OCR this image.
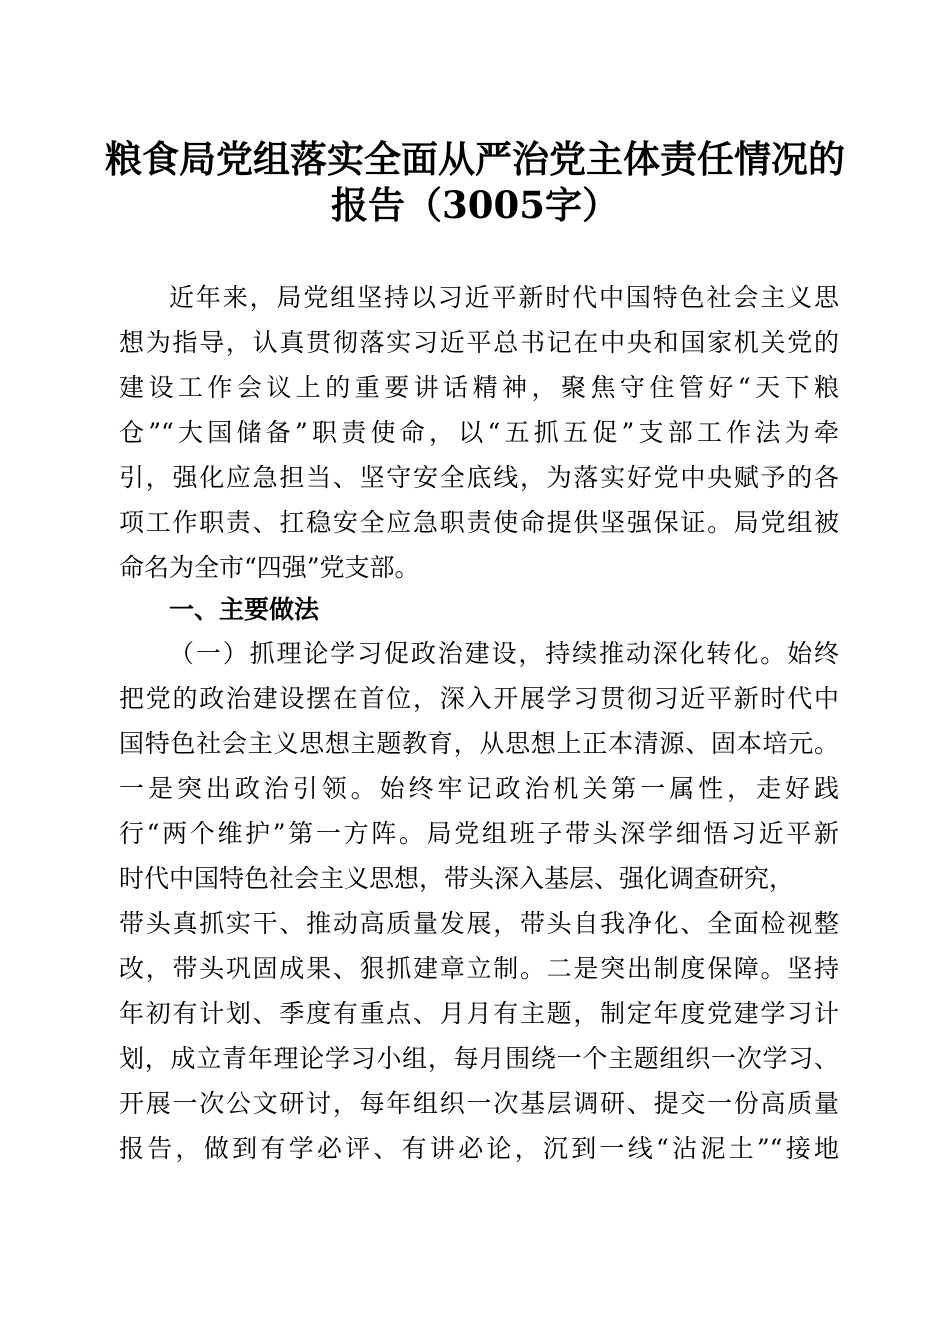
粮食局党组落实全面从严治党主体责任情况的
报告（3005字）
近年来，局党组坚持以习近平新时代中国特色社会主义思
想为指导，认真贯彻落实习近平总书记在中央和国家机关党的
建设工作会议上的重要讲话精神，聚焦守住管好“天下粮
仓”“大国储备”职责使命，以“五抓五促”支部工作法为牵
引，强化应急担当、坚守安全底线，为落实好党中央赋予的各
项工作职责、扛稳安全应急职责使命提供坚强保证。局党组被
命名为全市“四强”党支部。
一、主要做法
（一）抓理论学习促政治建设，持续推动深化转化。始终
把党的政治建设摆在首位，深入开展学习贯彻习近平新时代中
国特色社会主义思想主题教育，从思想上正本清源、固本培元。
一是突出政治引领。始终牢记政治机关第一属性，走好践
行“两个维护”第一方阵。局党组班子带头深学细悟习近平新
时代中国特色社会主义思想，带头深入基层、强化调查研究，
带头真抓实干、推动高质量发展，带头自我净化、全面检视整
改，带头巩固成果、狠抓建章立制。二是突出制度保障。坚持
年初有计划、季度有重点、月月有主题，制定年度党建学习计
划，成立青年理论学习小组，每月围绕一个主题组织一次学习、
开展一次公文研讨，每年组织一次基层调研、提交一份高质量
报告，做到有学必评、有讲必论，沉到一线“沾泥土”“接地
